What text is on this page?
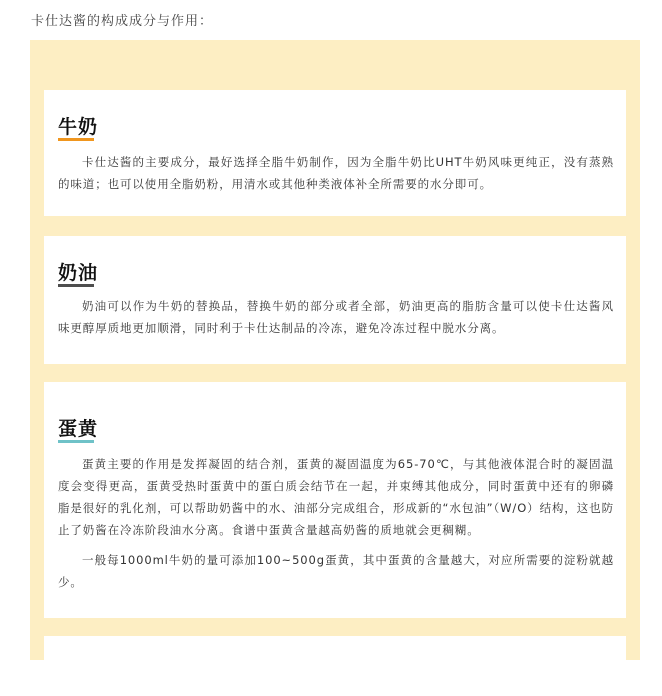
卡仕达酱的构成成分与作用：
牛奶

卡仕达酱的主要成分，最好选择全脂牛奶制作，因为全脂牛奶比UHT牛奶风味更纯正，没有蒸熟的味道；也可以使用全脂奶粉，用清水或其他种类液体补全所需要的水分即可。

奶油

奶油可以作为牛奶的替换品，替换牛奶的部分或者全部，奶油更高的脂肪含量可以使卡仕达酱风味更醇厚质地更加顺滑，同时利于卡仕达制品的冷冻，避免冷冻过程中脱水分离。

蛋黄

蛋黄主要的作用是发挥凝固的结合剂，蛋黄的凝固温度为65-70℃，与其他液体混合时的凝固温度会变得更高，蛋黄受热时蛋黄中的蛋白质会结节在一起，并束缚其他成分，同时蛋黄中还有的卵磷脂是很好的乳化剂，可以帮助奶酱中的水、油部分完成组合，形成新的“水包油”（W/O）结构，这也防止了奶酱在冷冻阶段油水分离。食谱中蛋黄含量越高奶酱的质地就会更稠糊。

一般每1000ml牛奶的量可添加100~500g蛋黄，其中蛋黄的含量越大，对应所需要的淀粉就越少。
